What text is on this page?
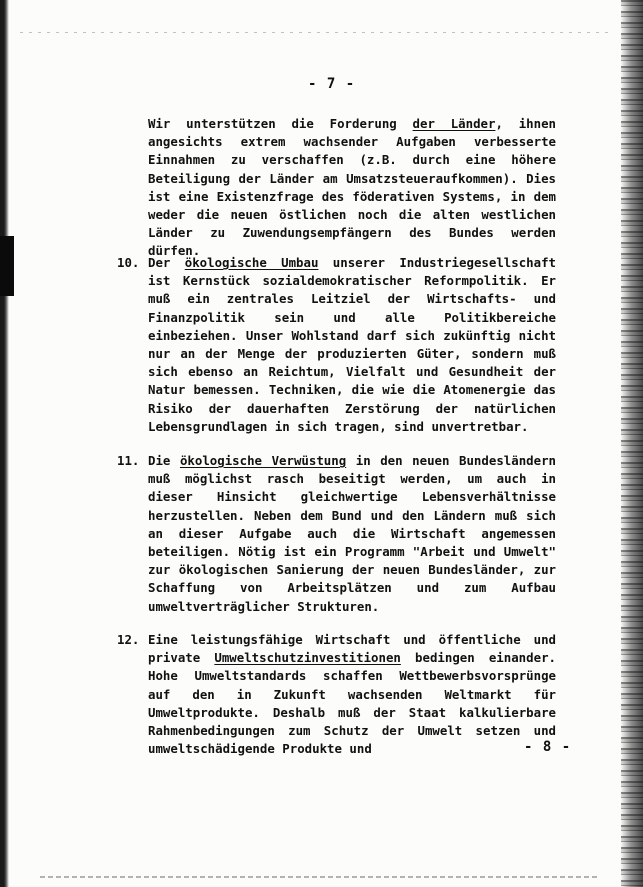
- 7 -
Wir unterstützen die Forderung der Länder, ihnen angesichts extrem wachsender Aufgaben verbesserte Einnahmen zu verschaffen (z.B. durch eine höhere Beteiligung der Länder am Umsatzsteueraufkommen). Dies ist eine Existenzfrage des föderativen Systems, in dem weder die neuen östlichen noch die alten westlichen Länder zu Zuwendungsempfängern des Bundes werden dürfen.
10. Der ökologische Umbau unserer Industriegesellschaft ist Kernstück sozialdemokratischer Reformpolitik. Er muß ein zentrales Leitziel der Wirtschafts- und Finanzpolitik sein und alle Politikbereiche einbeziehen. Unser Wohlstand darf sich zukünftig nicht nur an der Menge der produzierten Güter, sondern muß sich ebenso an Reichtum, Vielfalt und Gesundheit der Natur bemessen. Techniken, die wie die Atomenergie das Risiko der dauerhaften Zerstörung der natürlichen Lebensgrundlagen in sich tragen, sind unvertretbar.
11. Die ökologische Verwüstung in den neuen Bundesländern muß möglichst rasch beseitigt werden, um auch in dieser Hinsicht gleichwertige Lebensverhältnisse herzustellen. Neben dem Bund und den Ländern muß sich an dieser Aufgabe auch die Wirtschaft angemessen beteiligen. Nötig ist ein Programm "Arbeit und Umwelt" zur ökologischen Sanierung der neuen Bundesländer, zur Schaffung von Arbeitsplätzen und zum Aufbau umweltverträglicher Strukturen.
12. Eine leistungsfähige Wirtschaft und öffentliche und private Umweltschutzinvestitionen bedingen einander. Hohe Umweltstandards schaffen Wettbewerbsvorsprünge auf den in Zukunft wachsenden Weltmarkt für Umweltprodukte. Deshalb muß der Staat kalkulierbare Rahmenbedingungen zum Schutz der Umwelt setzen und umweltschädigende Produkte und	- 8 -
